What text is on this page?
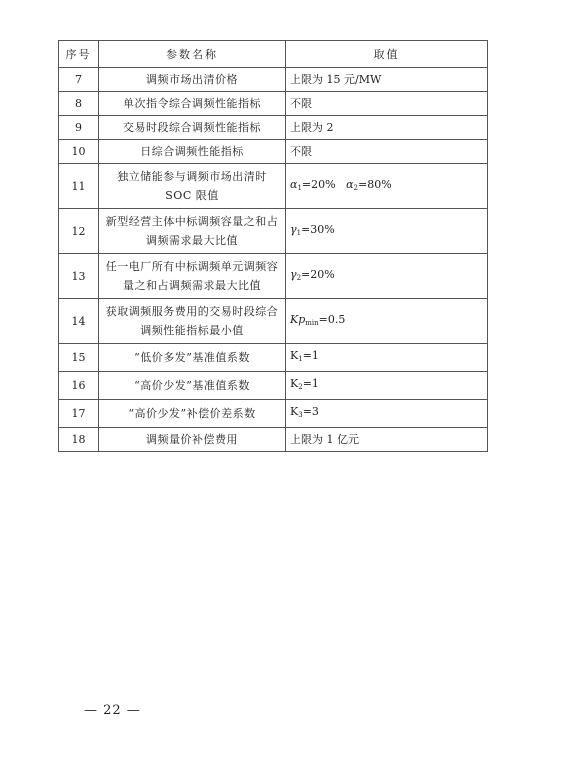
序号	参数名称	取值
7	调频市场出清价格	上限为 15 元/MW
8	单次指令综合调频性能指标	不限
9	交易时段综合调频性能指标	上限为 2
10	日综合调频性能指标	不限
11	独立储能参与调频市场出清时 SOC 限值	$\alpha_1=20\%$ $\alpha_2=80\%$
12	新型经营主体中标调频容量之和占调频需求最大比值	$\gamma_1=30\%$
13	任一电厂所有中标调频单元调频容量之和占调频需求最大比值	$\gamma_2=20\%$
14	获取调频服务费用的交易时段综合调频性能指标最小值	$Kp_{min}=0.5$
15	“低价多发”基准值系数	$K_1=1$
16	“高价少发”基准值系数	$K_2=1$
17	“高价少发”补偿价差系数	$K_3=3$
18	调频量价补偿费用	上限为 1 亿元
— 22 —
